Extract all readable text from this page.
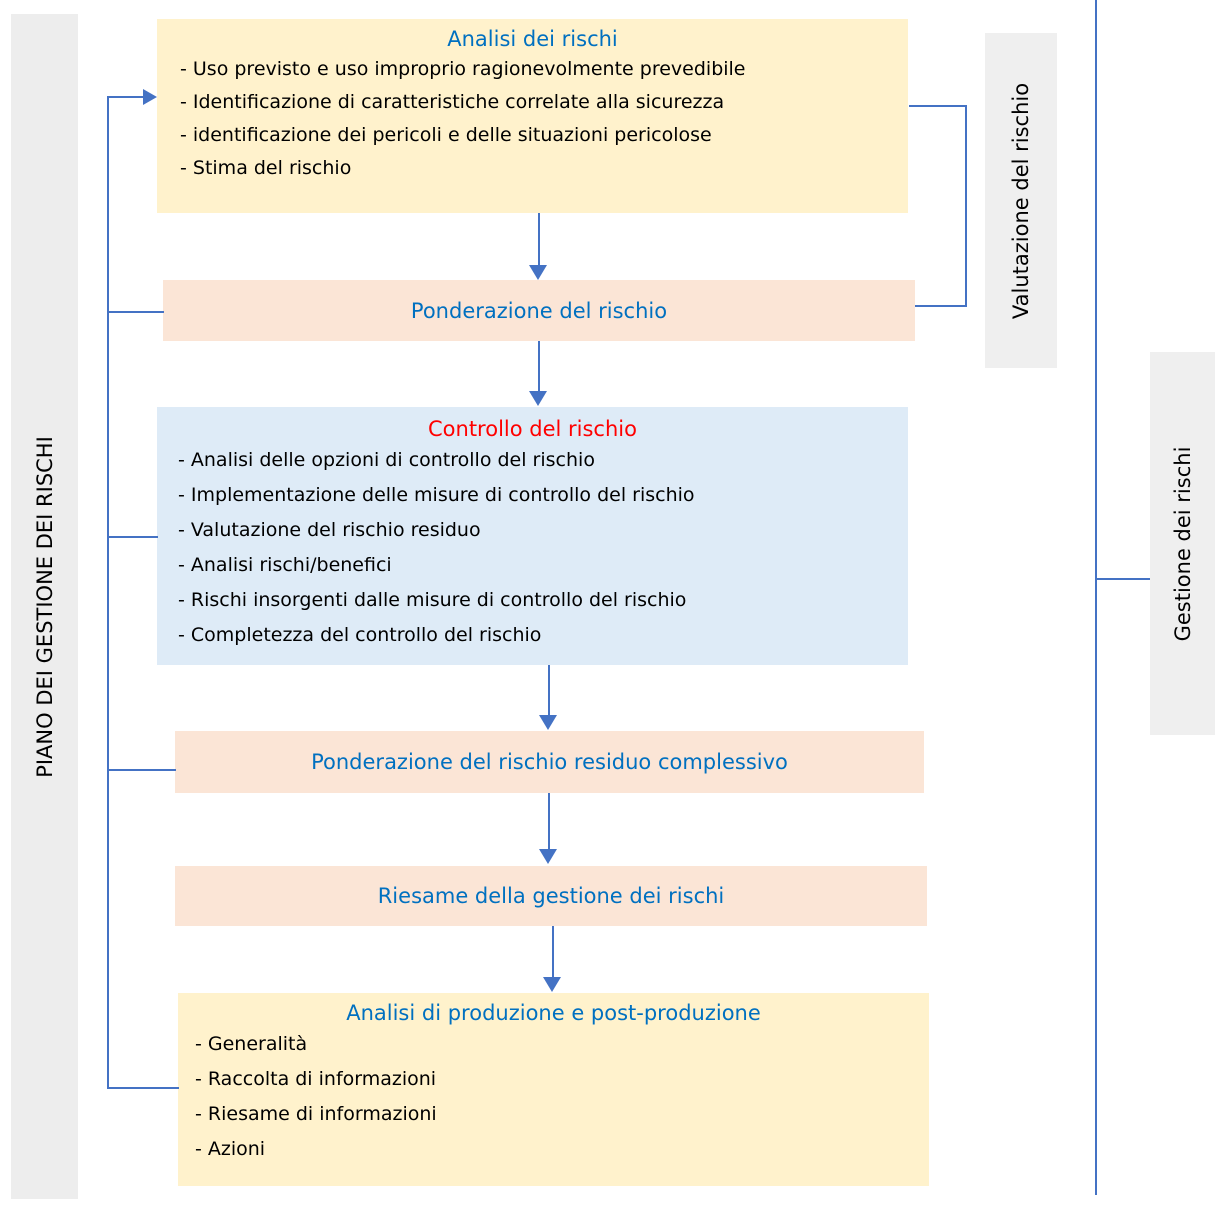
PIANO DEI GESTIONE DEI RISCHI
Analisi dei rischi
- Uso previsto e uso improprio ragionevolmente prevedibile
- Identificazione di caratteristiche correlate alla sicurezza
- identificazione dei pericoli e delle situazioni pericolose
- Stima del rischio
Ponderazione del rischio
Controllo del rischio
- Analisi delle opzioni di controllo del rischio
- Implementazione delle misure di controllo del rischio
- Valutazione del rischio residuo
- Analisi rischi/benefici
- Rischi insorgenti dalle misure di controllo del rischio
- Completezza del controllo del rischio
Ponderazione del rischio residuo complessivo
Riesame della gestione dei rischi
Analisi di produzione e post-produzione
- Generalità
- Raccolta di informazioni
- Riesame di informazioni
- Azioni
Valutazione del rischio
Gestione dei rischi
